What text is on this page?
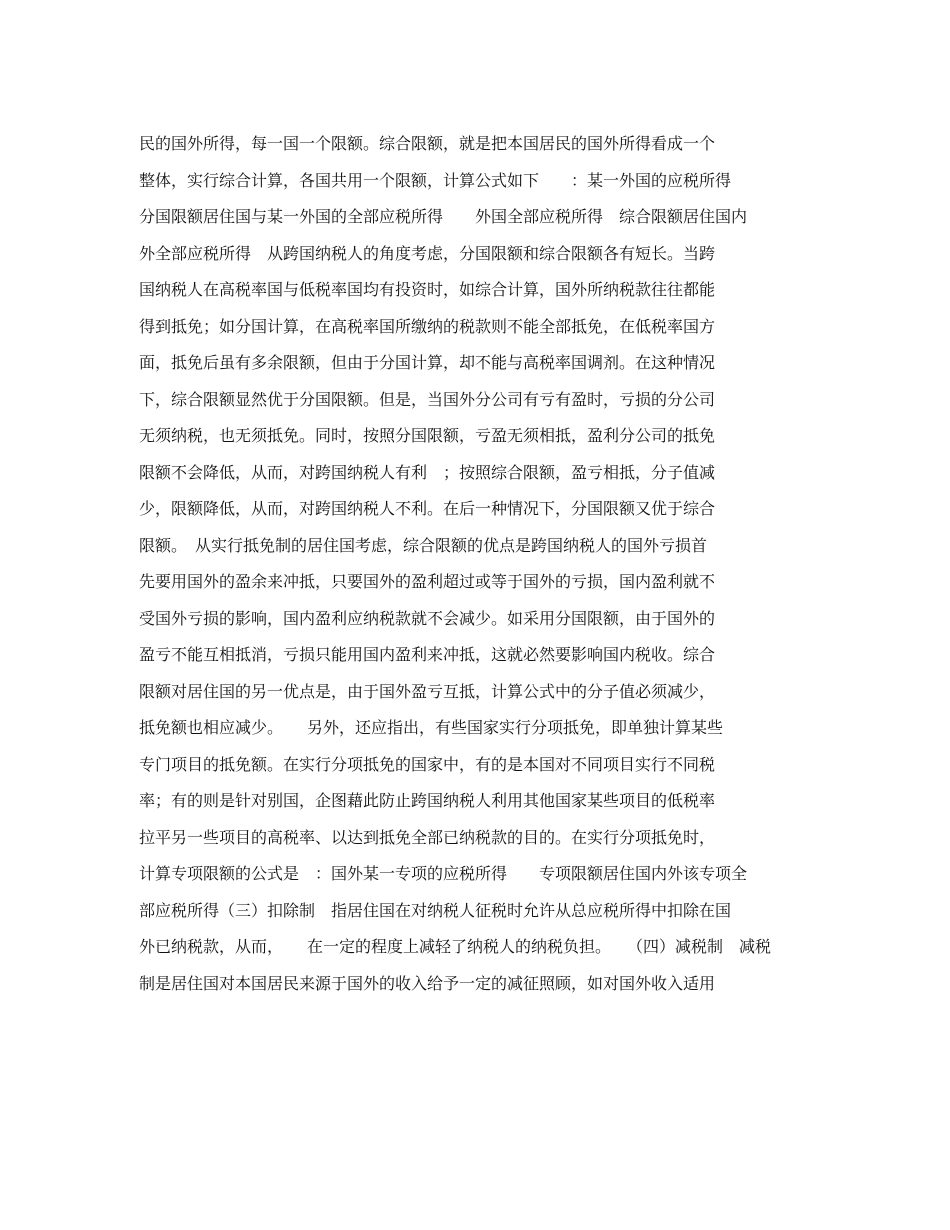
民的国外所得，每一国一个限额。综合限额，就是把本国居民的国外所得看成一个
整体，实行综合计算，各国共用一个限额，计算公式如下　　：某一外国的应税所得
分国限额居住国与某一外国的全部应税所得　　外国全部应税所得　综合限额居住国内
外全部应税所得　从跨国纳税人的角度考虑，分国限额和综合限额各有短长。当跨
国纳税人在高税率国与低税率国均有投资时，如综合计算，国外所纳税款往往都能
得到抵免；如分国计算，在高税率国所缴纳的税款则不能全部抵免，在低税率国方
面，抵免后虽有多余限额，但由于分国计算，却不能与高税率国调剂。在这种情况
下，综合限额显然优于分国限额。但是，当国外分公司有亏有盈时，亏损的分公司
无须纳税，也无须抵免。同时，按照分国限额，亏盈无须相抵，盈利分公司的抵免
限额不会降低，从而，对跨国纳税人有利　；按照综合限额，盈亏相抵，分子值减
少，限额降低，从而，对跨国纳税人不利。在后一种情况下，分国限额又优于综合
限额。　从实行抵免制的居住国考虑，综合限额的优点是跨国纳税人的国外亏损首
先要用国外的盈余来冲抵，只要国外的盈利超过或等于国外的亏损，国内盈利就不
受国外亏损的影响，国内盈利应纳税款就不会减少。如采用分国限额，由于国外的
盈亏不能互相抵消，亏损只能用国内盈利来冲抵，这就必然要影响国内税收。综合
限额对居住国的另一优点是，由于国外盈亏互抵，计算公式中的分子值必须减少，
抵免额也相应减少。　　另外，还应指出，有些国家实行分项抵免，即单独计算某些
专门项目的抵免额。在实行分项抵免的国家中，有的是本国对不同项目实行不同税
率；有的则是针对别国，企图藉此防止跨国纳税人利用其他国家某些项目的低税率
拉平另一些项目的高税率、以达到抵免全部已纳税款的目的。在实行分项抵免时，
计算专项限额的公式是　：国外某一专项的应税所得　　专项限额居住国内外该专项全
部应税所得（三）扣除制　指居住国在对纳税人征税时允许从总应税所得中扣除在国
外已纳税款，从而，　　在一定的程度上减轻了纳税人的纳税负担。　　（四）减税制　减税
制是居住国对本国居民来源于国外的收入给予一定的减征照顾，如对国外收入适用
